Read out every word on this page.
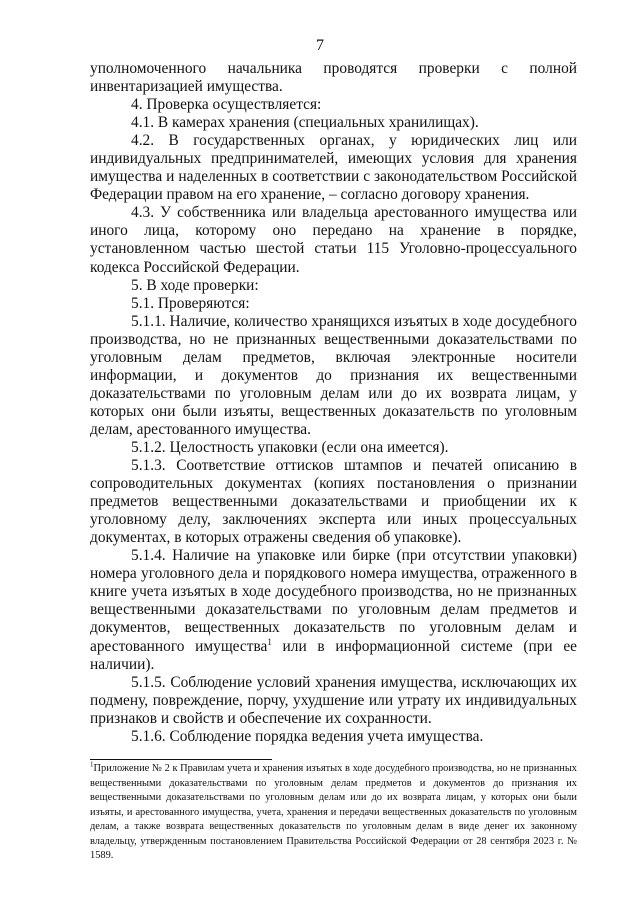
7

уполномоченного начальника проводятся проверки с полной инвентаризацией имущества.

4. Проверка осуществляется:

4.1. В камерах хранения (специальных хранилищах).

4.2. В государственных органах, у юридических лиц или индивидуальных предпринимателей, имеющих условия для хранения имущества и наделенных в соответствии с законодательством Российской Федерации правом на его хранение, – согласно договору хранения.

4.3. У собственника или владельца арестованного имущества или иного лица, которому оно передано на хранение в порядке, установленном частью шестой статьи 115 Уголовно-процессуального кодекса Российской Федерации.

5. В ходе проверки:

5.1. Проверяются:

5.1.1. Наличие, количество хранящихся изъятых в ходе досудебного производства, но не признанных вещественными доказательствами по уголовным делам предметов, включая электронные носители информации, и документов до признания их вещественными доказательствами по уголовным делам или до их возврата лицам, у которых они были изъяты, вещественных доказательств по уголовным делам, арестованного имущества.

5.1.2. Целостность упаковки (если она имеется).

5.1.3. Соответствие оттисков штампов и печатей описанию в сопроводительных документах (копиях постановления о признании предметов вещественными доказательствами и приобщении их к уголовному делу, заключениях эксперта или иных процессуальных документах, в которых отражены сведения об упаковке).

5.1.4. Наличие на упаковке или бирке (при отсутствии упаковки) номера уголовного дела и порядкового номера имущества, отраженного в книге учета изъятых в ходе досудебного производства, но не признанных вещественными доказательствами по уголовным делам предметов и документов, вещественных доказательств по уголовным делам и арестованного имущества$^1$ или в информационной системе (при ее наличии).

5.1.5. Соблюдение условий хранения имущества, исключающих их подмену, повреждение, порчу, ухудшение или утрату их индивидуальных признаков и свойств и обеспечение их сохранности.

5.1.6. Соблюдение порядка ведения учета имущества.

$^1$Приложение № 2 к Правилам учета и хранения изъятых в ходе досудебного производства, но не признанных вещественными доказательствами по уголовным делам предметов и документов до признания их вещественными доказательствами по уголовным делам или до их возврата лицам, у которых они были изъяты, и арестованного имущества, учета, хранения и передачи вещественных доказательств по уголовным делам, а также возврата вещественных доказательств по уголовным делам в виде денег их законному владельцу, утвержденным постановлением Правительства Российской Федерации от 28 сентября 2023 г. № 1589.
